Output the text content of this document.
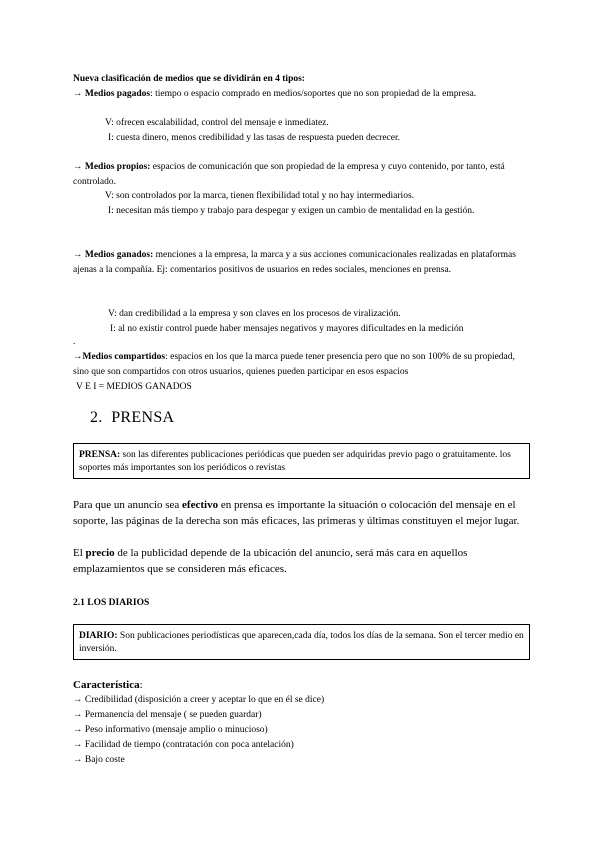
Nueva clasificación de medios que se dividirán en 4 tipos:
→ Medios pagados: tiempo o espacio comprado en medios/soportes que no son propiedad de la empresa.
V: ofrecen escalabilidad, control del mensaje e inmediatez.
I: cuesta dinero, menos credibilidad y las tasas de respuesta pueden decrecer.
→ Medios propios: espacios de comunicación que son propiedad de la empresa y cuyo contenido, por tanto, está controlado.
V: son controlados por la marca, tienen flexibilidad total y no hay intermediarios.
I: necesitan más tiempo y trabajo para despegar y exigen un cambio de mentalidad en la gestión.
→ Medios ganados: menciones a la empresa, la marca y a sus acciones comunicacionales realizadas en plataformas ajenas a la compañía. Ej: comentarios positivos de usuarios en redes sociales, menciones en prensa.
V: dan credibilidad a la empresa y son claves en los procesos de viralización.
I: al no existir control puede haber mensajes negativos y mayores dificultades en la medición
.
→Medios compartidos: espacios en los que la marca puede tener presencia pero que no son 100% de su propiedad, sino que son compartidos con otros usuarios, quienes pueden participar en esos espacios
V E I = MEDIOS GANADOS
2. PRENSA
PRENSA: son las diferentes publicaciones periódicas que pueden ser adquiridas previo pago o gratuitamente. los soportes más importantes son los periódicos o revistas
Para que un anuncio sea efectivo en prensa es importante la situación o colocación del mensaje en el soporte, las páginas de la derecha son más eficaces, las primeras y últimas constituyen el mejor lugar.
El precio de la publicidad depende de la ubicación del anuncio, será más cara en aquellos emplazamientos que se consideren más eficaces.
2.1 LOS DIARIOS
DIARIO: Son publicaciones periodísticas que aparecen,cada día, todos los días de la semana. Son el tercer medio en inversión.
Característica:
→ Credibilidad (disposición a creer y aceptar lo que en él se dice)
→ Permanencia del mensaje ( se pueden guardar)
→ Peso informativo (mensaje amplio o minucioso)
→ Facilidad de tiempo (contratación con poca antelación)
→ Bajo coste
